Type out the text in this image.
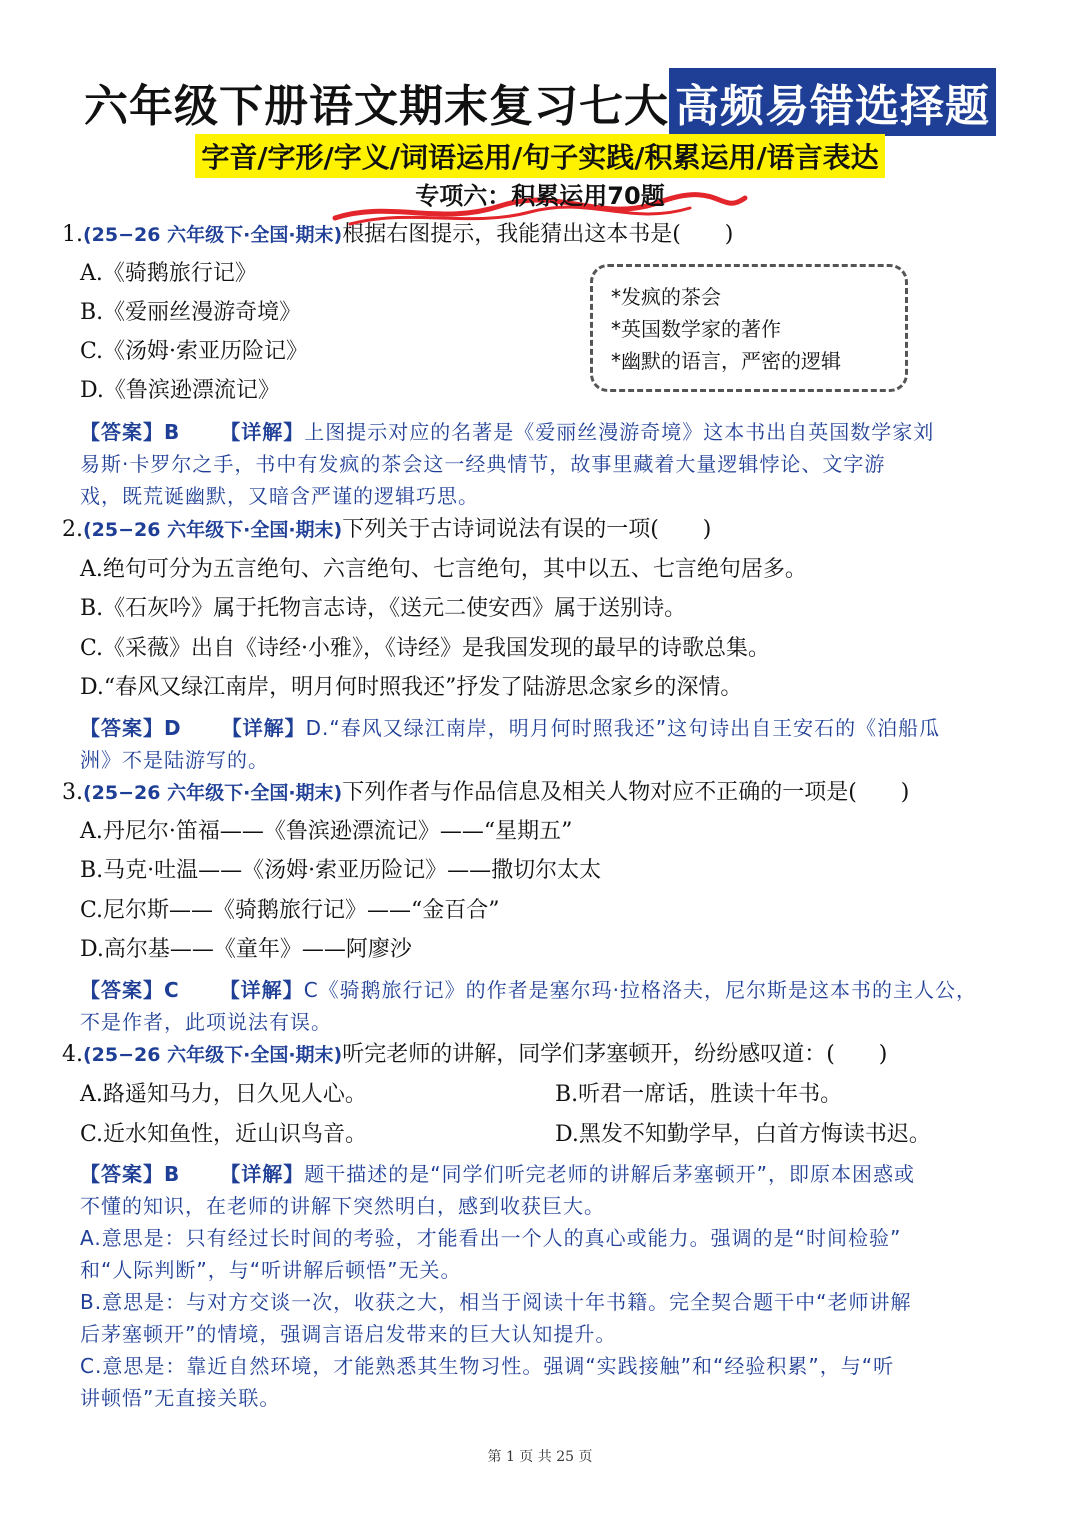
六年级下册语文期末复习七大 高频易错选择题
字音/字形/字义/词语运用/句子实践/积累运用/语言表达
专项六：积累运用70题
*发疯的茶会
*英国数学家的著作
*幽默的语言，严密的逻辑
1.(25−26 六年级下·全国·期末)根据右图提示，我能猜出这本书是(　　)
A.《骑鹅旅行记》
B.《爱丽丝漫游奇境》
C.《汤姆·索亚历险记》
D.《鲁滨逊漂流记》
【答案】B 【详解】上图提示对应的名著是《爱丽丝漫游奇境》这本书出自英国数学家刘
易斯·卡罗尔之手，书中有发疯的茶会这一经典情节，故事里藏着大量逻辑悖论、文字游
戏，既荒诞幽默，又暗含严谨的逻辑巧思。
2.(25−26 六年级下·全国·期末)下列关于古诗词说法有误的一项(　　)
A.绝句可分为五言绝句、六言绝句、七言绝句，其中以五、七言绝句居多。
B.《石灰吟》属于托物言志诗，《送元二使安西》属于送别诗。
C.《采薇》出自《诗经·小雅》，《诗经》是我国发现的最早的诗歌总集。
D.“春风又绿江南岸，明月何时照我还”抒发了陆游思念家乡的深情。
【答案】D 【详解】D.“春风又绿江南岸，明月何时照我还”这句诗出自王安石的《泊船瓜
洲》不是陆游写的。
3.(25−26 六年级下·全国·期末)下列作者与作品信息及相关人物对应不正确的一项是(　　)
A.丹尼尔·笛福——《鲁滨逊漂流记》——“星期五”
B.马克·吐温——《汤姆·索亚历险记》——撒切尔太太
C.尼尔斯——《骑鹅旅行记》——“金百合”
D.高尔基——《童年》——阿廖沙
【答案】C 【详解】C《骑鹅旅行记》的作者是塞尔玛·拉格洛夫，尼尔斯是这本书的主人公，
不是作者，此项说法有误。
4.(25−26 六年级下·全国·期末)听完老师的讲解，同学们茅塞顿开，纷纷感叹道：(　　)
A.路遥知马力，日久见人心。	B.听君一席话，胜读十年书。
C.近水知鱼性，近山识鸟音。	D.黑发不知勤学早，白首方悔读书迟。
【答案】B 【详解】题干描述的是“同学们听完老师的讲解后茅塞顿开”，即原本困惑或
不懂的知识，在老师的讲解下突然明白，感到收获巨大。
A.意思是：只有经过长时间的考验，才能看出一个人的真心或能力。强调的是“时间检验”
和“人际判断”，与“听讲解后顿悟”无关。
B.意思是：与对方交谈一次，收获之大，相当于阅读十年书籍。完全契合题干中“老师讲解
后茅塞顿开”的情境，强调言语启发带来的巨大认知提升。
C.意思是：靠近自然环境，才能熟悉其生物习性。强调“实践接触”和“经验积累”，与“听
讲顿悟”无直接关联。
第 1 页 共 25 页
